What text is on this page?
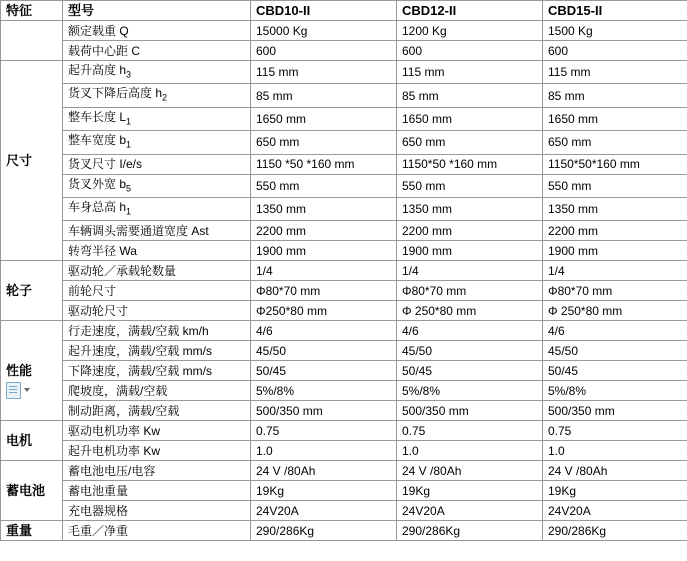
特征	型号	CBD10-II	CBD12-II	CBD15-II
	额定载重 Q	15000 Kg	1200 Kg	1500 Kg
	载荷中心距 C	600	600	600
尺寸	起升高度 $h_3$	115 mm	115 mm	115 mm
	货叉下降后高度 $h_2$	85 mm	85 mm	85 mm
	整车长度 $L_1$	1650 mm	1650 mm	1650 mm
	整车宽度 $b_1$	650 mm	650 mm	650 mm
	货叉尺寸 I/e/s	1150 *50 *160 mm	1150*50 *160 mm	1150*50*160 mm
	货叉外宽 $b_5$	550 mm	550 mm	550 mm
	车身总高 $h_1$	1350 mm	1350 mm	1350 mm
	车辆调头需要通道宽度 Ast	2200 mm	2200 mm	2200 mm
	转弯半径 Wa	1900 mm	1900 mm	1900 mm
轮子	驱动轮／承载轮数量	1/4	1/4	1/4
	前轮尺寸	Φ80*70 mm	Φ80*70 mm	Φ80*70 mm
	驱动轮尺寸	Φ250*80 mm	Φ 250*80 mm	Φ 250*80 mm
性能	行走速度，满载/空载 km/h	4/6	4/6	4/6
	起升速度，满载/空载 mm/s	45/50	45/50	45/50
	下降速度，满载/空载 mm/s	50/45	50/45	50/45
	爬坡度，满载/空载	5%/8%	5%/8%	5%/8%
	制动距离，满载/空载	500/350 mm	500/350 mm	500/350 mm
电机	驱动电机功率 Kw	0.75	0.75	0.75
	起升电机功率 Kw	1.0	1.0	1.0
蓄电池	蓄电池电压/电容	24 V /80Ah	24 V /80Ah	24 V /80Ah
	蓄电池重量	19Kg	19Kg	19Kg
	充电器规格	24V20A	24V20A	24V20A
重量	毛重／净重	290/286Kg	290/286Kg	290/286Kg
